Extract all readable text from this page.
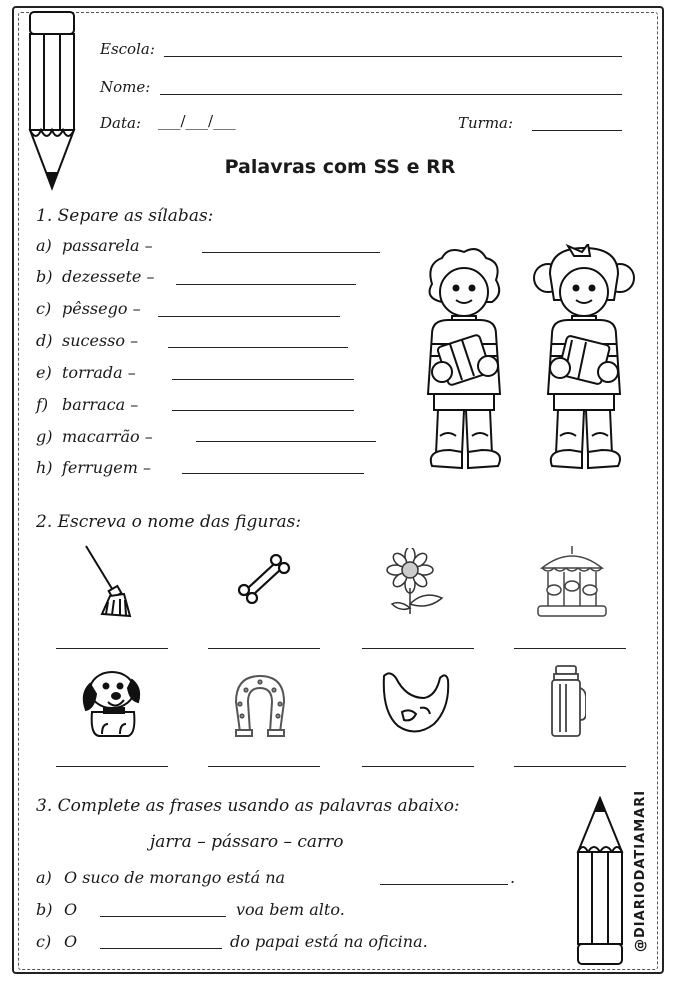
Escola:
Nome:
Data: ___/___/___	Turma:
Palavras com SS e RR
1. Separe as sílabas:
a) passarela –
b) dezessete –
c) pêssego –
d) sucesso –
e) torrada –
f) barraca –
g) macarrão –
h) ferrugem –
2. Escreva o nome das figuras:
3. Complete as frases usando as palavras abaixo:
jarra – pássaro – carro
a) O suco de morango está na	.
b) O	voa bem alto.
c) O	do papai está na oficina.	@DIARIODATIAMARI
